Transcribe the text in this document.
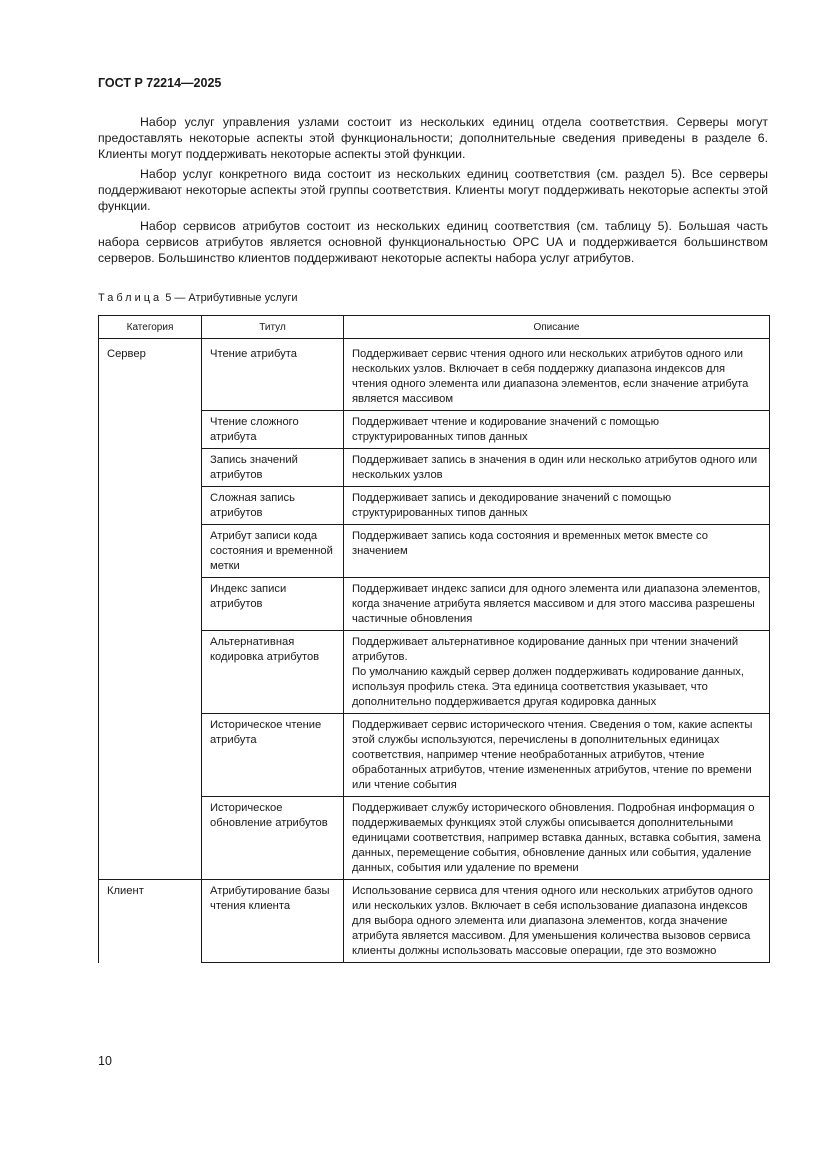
ГОСТ Р 72214—2025

Набор услуг управления узлами состоит из нескольких единиц отдела соответствия. Серверы могут предоставлять некоторые аспекты этой функциональности; дополнительные сведения приведены в разделе 6. Клиенты могут поддерживать некоторые аспекты этой функции.

Набор услуг конкретного вида состоит из нескольких единиц соответствия (см. раздел 5). Все серверы поддерживают некоторые аспекты этой группы соответствия. Клиенты могут поддерживать некоторые аспекты этой функции.

Набор сервисов атрибутов состоит из нескольких единиц соответствия (см. таблицу 5). Большая часть набора сервисов атрибутов является основной функциональностью OPC UA и поддерживается большинством серверов. Большинство клиентов поддерживают некоторые аспекты набора услуг атрибутов.

Таблица 5 — Атрибутивные услуги
Категория	Титул	Описание
Сервер	Чтение атрибута	Поддерживает сервис чтения одного или нескольких атрибутов одного или нескольких узлов. Включает в себя поддержку диапазона индексов для чтения одного элемента или диапазона элементов, если значение атрибута является массивом
	Чтение сложного атрибута	Поддерживает чтение и кодирование значений с помощью структурированных типов данных
	Запись значений атрибутов	Поддерживает запись в значения в один или несколько атрибутов одного или нескольких узлов
	Сложная запись атрибутов	Поддерживает запись и декодирование значений с помощью структурированных типов данных
	Атрибут записи кода состояния и временной метки	Поддерживает запись кода состояния и временных меток вместе со значением
	Индекс записи атрибутов	Поддерживает индекс записи для одного элемента или диапазона элементов, когда значение атрибута является массивом и для этого массива разрешены частичные обновления
	Альтернативная кодировка атрибутов	Поддерживает альтернативное кодирование данных при чтении значений атрибутов.
По умолчанию каждый сервер должен поддерживать кодирование данных, используя профиль стека. Эта единица соответствия указывает, что дополнительно поддерживается другая кодировка данных
	Историческое чтение атрибута	Поддерживает сервис исторического чтения. Сведения о том, какие аспекты этой службы используются, перечислены в дополнительных единицах соответствия, например чтение необработанных атрибутов, чтение обработанных атрибутов, чтение измененных атрибутов, чтение по времени или чтение события
	Историческое обновление атрибутов	Поддерживает службу исторического обновления. Подробная информация о поддерживаемых функциях этой службы описывается дополнительными единицами соответствия, например вставка данных, вставка события, замена данных, перемещение события, обновление данных или события, удаление данных, события или удаление по времени
Клиент	Атрибутирование базы чтения клиента	Использование сервиса для чтения одного или нескольких атрибутов одного или нескольких узлов. Включает в себя использование диапазона индексов для выбора одного элемента или диапазона элементов, когда значение атрибута является массивом. Для уменьшения количества вызовов сервиса клиенты должны использовать массовые операции, где это возможно
10
